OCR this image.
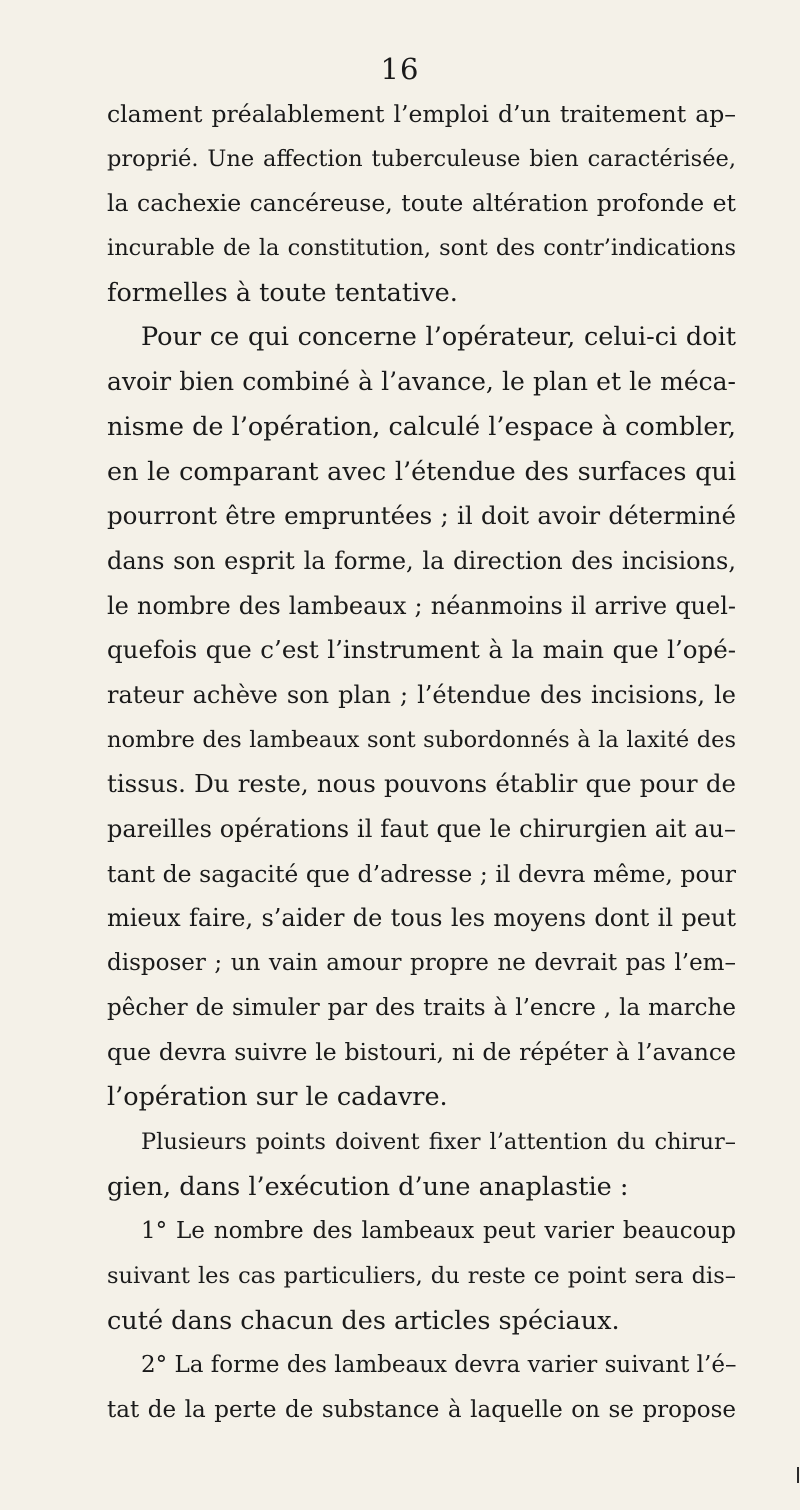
16
clament préalablement l’emploi d’un traitement ap–
proprié. Une affection tuberculeuse bien caractérisée,
la cachexie cancéreuse, toute altération profonde et
incurable de la constitution, sont des contr’indications
formelles à toute tentative.
Pour ce qui concerne l’opérateur, celui-ci doit
avoir bien combiné à l’avance, le plan et le méca-
nisme de l’opération, calculé l’espace à combler,
en le comparant avec l’étendue des surfaces qui
pourront être empruntées ; il doit avoir déterminé
dans son esprit la forme, la direction des incisions,
le nombre des lambeaux ; néanmoins il arrive quel-
quefois que c’est l’instrument à la main que l’opé-
rateur achève son plan ; l’étendue des incisions, le
nombre des lambeaux sont subordonnés à la laxité des
tissus. Du reste, nous pouvons établir que pour de
pareilles opérations il faut que le chirurgien ait au–
tant de sagacité que d’adresse ; il devra même, pour
mieux faire, s’aider de tous les moyens dont il peut
disposer ; un vain amour propre ne devrait pas l’em–
pêcher de simuler par des traits à l’encre , la marche
que devra suivre le bistouri, ni de répéter à l’avance
l’opération sur le cadavre.
Plusieurs points doivent fixer l’attention du chirur–
gien, dans l’exécution d’une anaplastie :
1° Le nombre des lambeaux peut varier beaucoup
suivant les cas particuliers, du reste ce point sera dis–
cuté dans chacun des articles spéciaux.
2° La forme des lambeaux devra varier suivant l’é–
tat de la perte de substance à laquelle on se propose
